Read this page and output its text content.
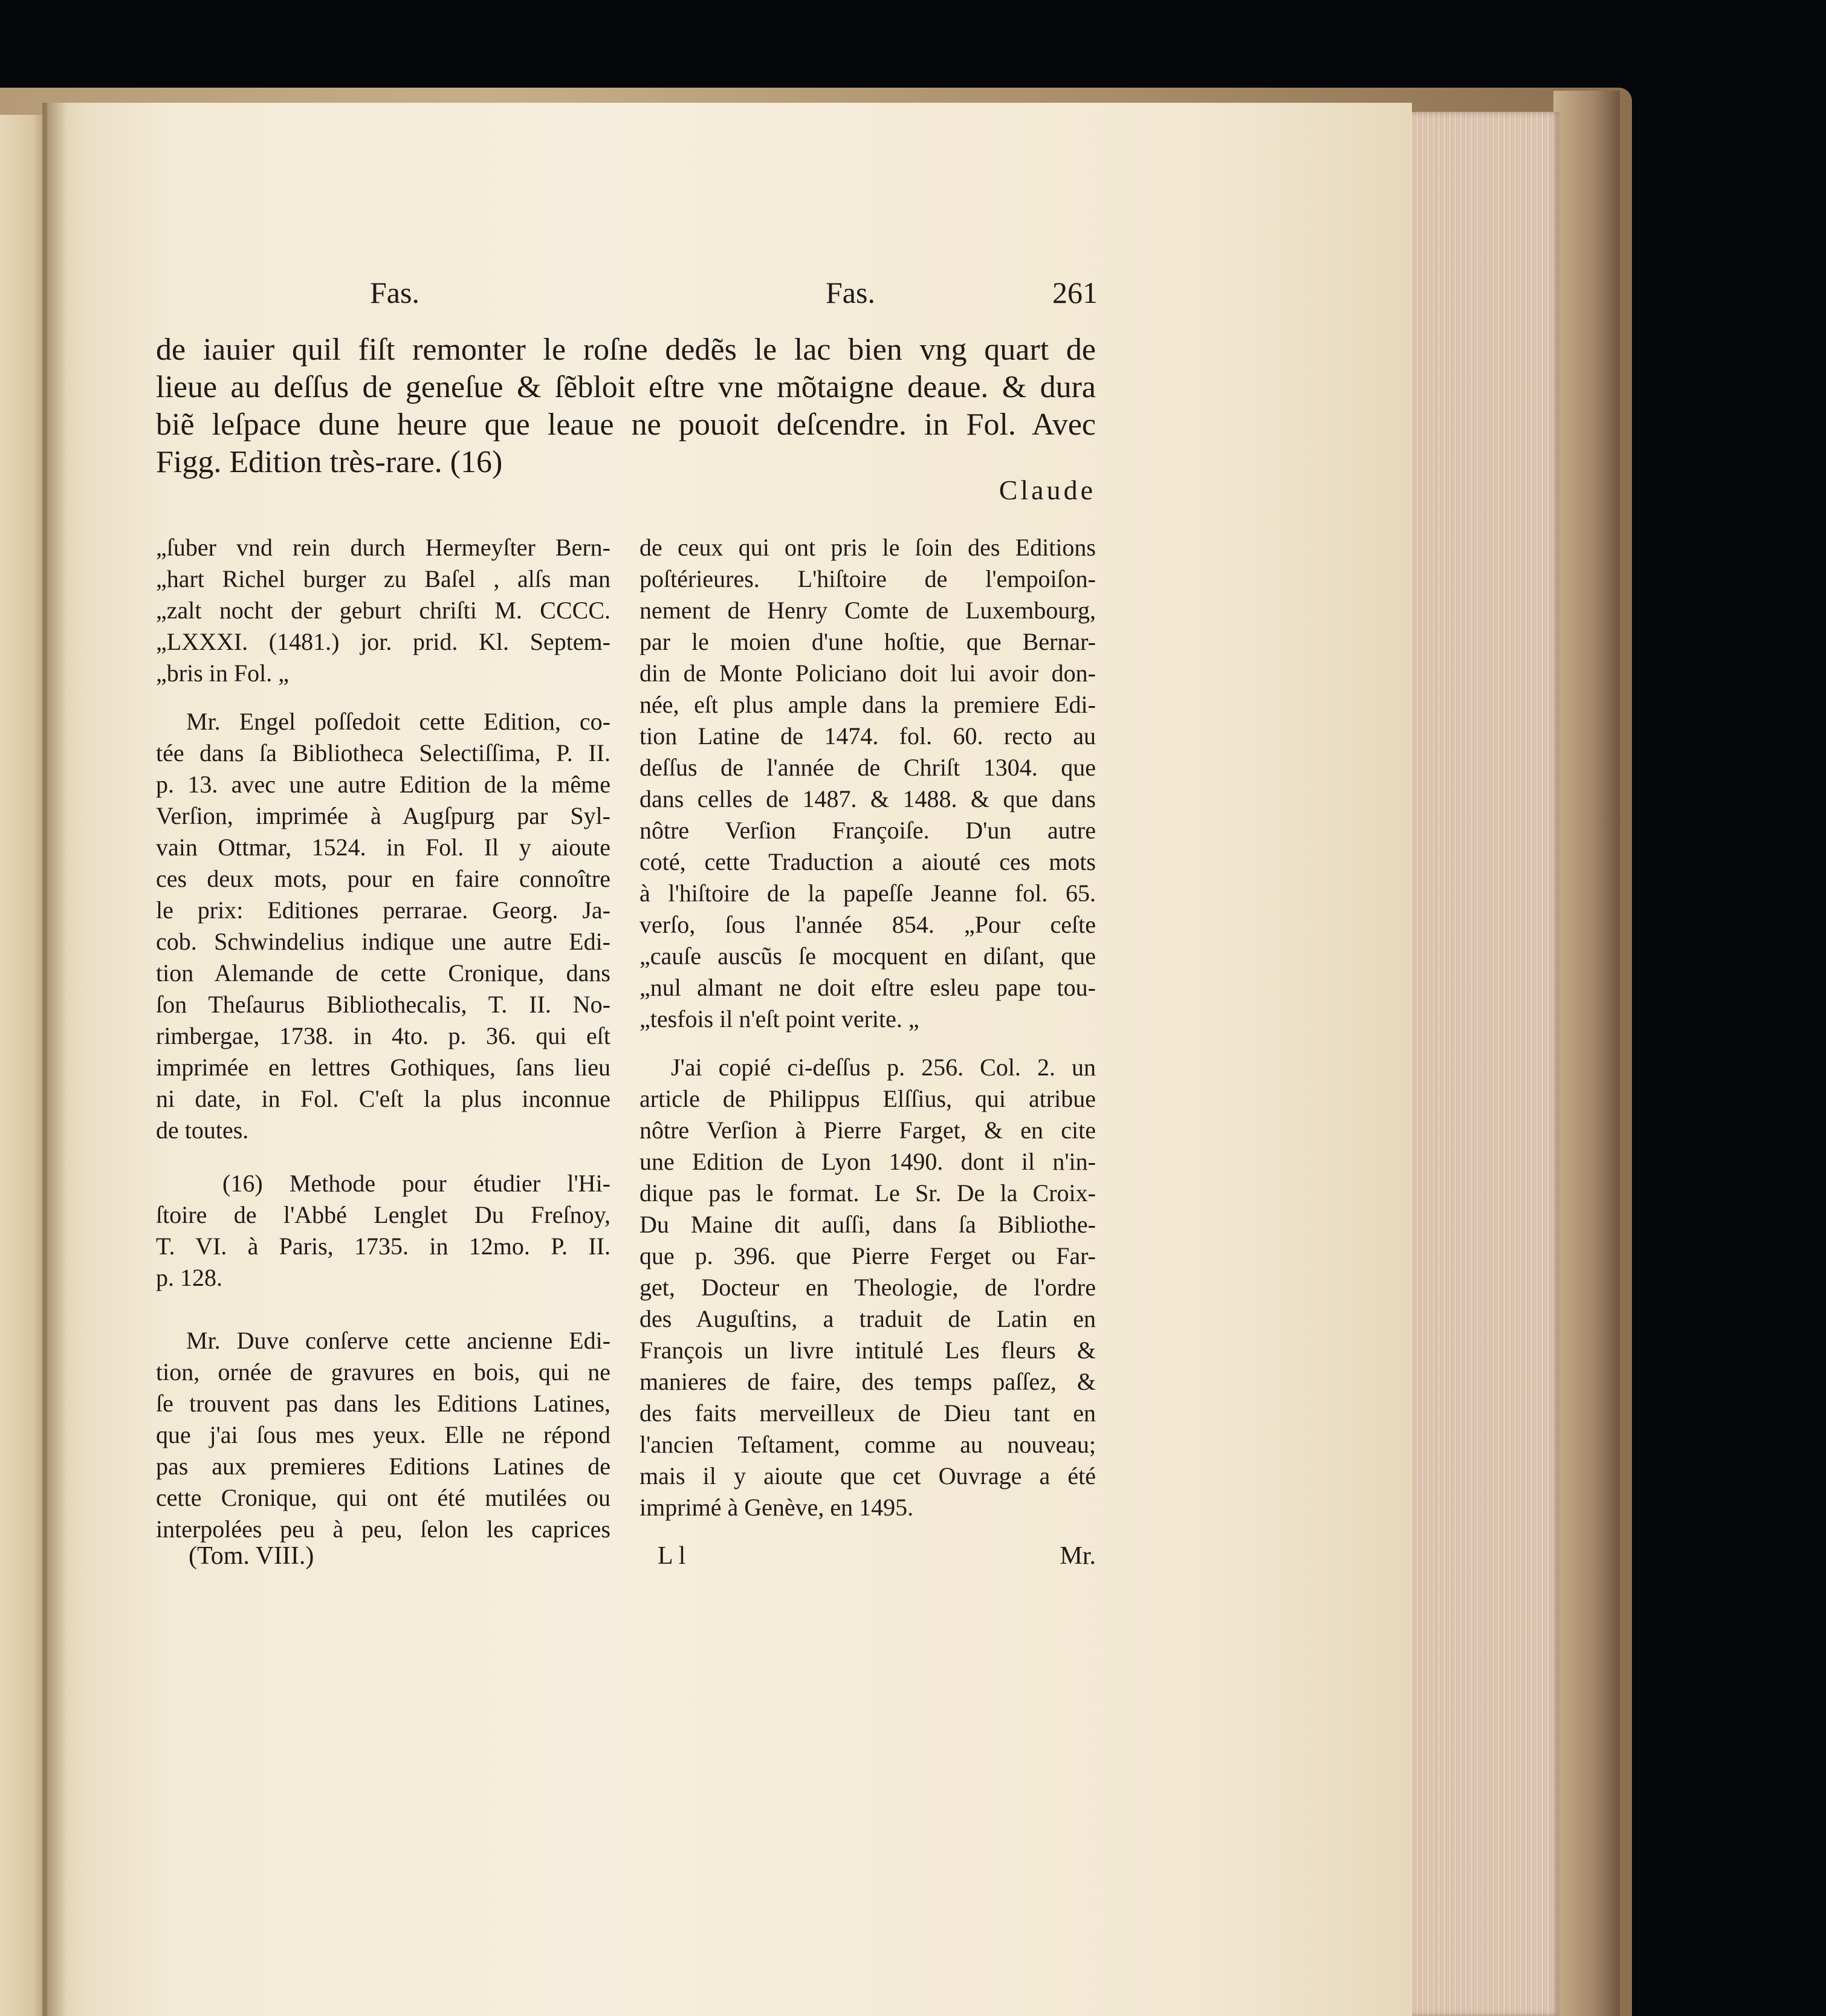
Fas.	Fas.	261
de iauier quil fiſt remonter le roſne dedẽs le lac bien vng quart de
lieue au deſſus de geneſue & ſẽbloit eſtre vne mõtaigne deaue. & dura
biẽ leſpace dune heure que leaue ne pouoit deſcendre. in Fol. Avec
Figg. Edition très-rare. (16)
Claude
„ſuber vnd rein durch Hermeyſter Bern-
„hart Richel burger zu Baſel , alſs man
„zalt nocht der geburt chriſti M. CCCC.
„LXXXI. (1481.) jor. prid. Kl. Septem-
„bris in Fol. „
Mr. Engel poſſedoit cette Edition, co-
tée dans ſa Bibliotheca Selectiſſima, P. II.
p. 13. avec une autre Edition de la même
Verſion, imprimée à Augſpurg par Syl-
vain Ottmar, 1524. in Fol. Il y aioute
ces deux mots, pour en faire connoître
le prix: Editiones perrarae. Georg. Ja-
cob. Schwindelius indique une autre Edi-
tion Alemande de cette Cronique, dans
ſon Theſaurus Bibliothecalis, T. II. No-
rimbergae, 1738. in 4to. p. 36. qui eſt
imprimée en lettres Gothiques, ſans lieu
ni date, in Fol. C'eſt la plus inconnue
de toutes.
(16) Methode pour étudier l'Hi-
ſtoire de l'Abbé Lenglet Du Freſnoy,
T. VI. à Paris, 1735. in 12mo. P. II.
p. 128.
Mr. Duve conſerve cette ancienne Edi-
tion, ornée de gravures en bois, qui ne
ſe trouvent pas dans les Editions Latines,
que j'ai ſous mes yeux. Elle ne répond
pas aux premieres Editions Latines de
cette Cronique, qui ont été mutilées ou
interpolées peu à peu, ſelon les caprices
de ceux qui ont pris le ſoin des Editions
poſtérieures. L'hiſtoire de l'empoiſon-
nement de Henry Comte de Luxembourg,
par le moien d'une hoſtie, que Bernar-
din de Monte Policiano doit lui avoir don-
née, eſt plus ample dans la premiere Edi-
tion Latine de 1474. fol. 60. recto au
deſſus de l'année de Chriſt 1304. que
dans celles de 1487. & 1488. & que dans
nôtre Verſion Françoiſe. D'un autre
coté, cette Traduction a aiouté ces mots
à l'hiſtoire de la papeſſe Jeanne fol. 65.
verſo, ſous l'année 854. „Pour ceſte
„cauſe auscũs ſe mocquent en diſant, que
„nul almant ne doit eſtre esleu pape tou-
„tesfois il n'eſt point verite. „
J'ai copié ci-deſſus p. 256. Col. 2. un
article de Philippus Elſſius, qui atribue
nôtre Verſion à Pierre Farget, & en cite
une Edition de Lyon 1490. dont il n'in-
dique pas le format. Le Sr. De la Croix-
Du Maine dit auſſi, dans ſa Bibliothe-
que p. 396. que Pierre Ferget ou Far-
get, Docteur en Theologie, de l'ordre
des Auguſtins, a traduit de Latin en
François un livre intitulé Les fleurs &
manieres de faire, des temps paſſez, &
des faits merveilleux de Dieu tant en
l'ancien Teſtament, comme au nouveau;
mais il y aioute que cet Ouvrage a été
imprimé à Genève, en 1495.
(Tom. VIII.)	L l	Mr.
